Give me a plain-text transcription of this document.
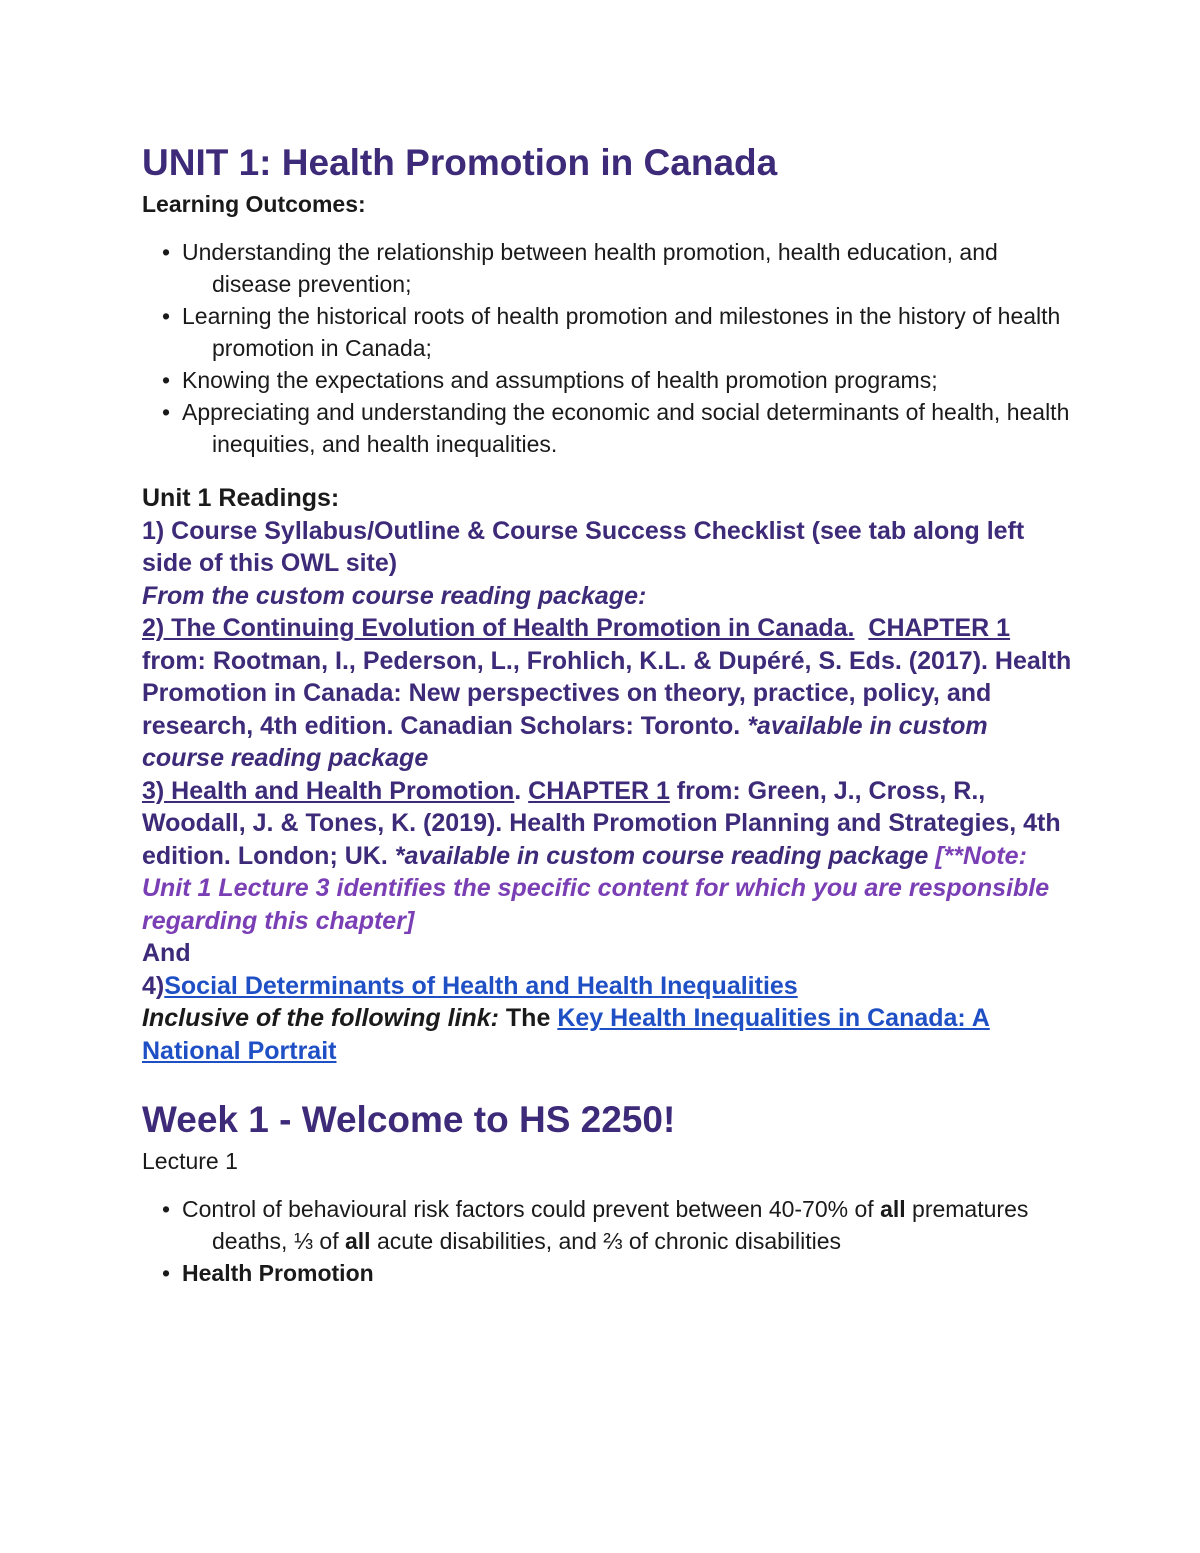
UNIT 1: Health Promotion in Canada
Learning Outcomes:
• Understanding the relationship between health promotion, health education, and disease prevention;
• Learning the historical roots of health promotion and milestones in the history of health promotion in Canada;
• Knowing the expectations and assumptions of health promotion programs;
• Appreciating and understanding the economic and social determinants of health, health inequities, and health inequalities.
Unit 1 Readings:
1) Course Syllabus/Outline & Course Success Checklist (see tab along left side of this OWL site)
From the custom course reading package:
2) The Continuing Evolution of Health Promotion in Canada. CHAPTER 1 from: Rootman, I., Pederson, L., Frohlich, K.L. & Dupéré, S. Eds. (2017). Health Promotion in Canada: New perspectives on theory, practice, policy, and research, 4th edition. Canadian Scholars: Toronto. *available in custom course reading package
3) Health and Health Promotion. CHAPTER 1 from: Green, J., Cross, R., Woodall, J. & Tones, K. (2019). Health Promotion Planning and Strategies, 4th edition. London; UK. *available in custom course reading package [**Note: Unit 1 Lecture 3 identifies the specific content for which you are responsible regarding this chapter]
And
4)Social Determinants of Health and Health Inequalities
Inclusive of the following link: The Key Health Inequalities in Canada: A National Portrait
Week 1 - Welcome to HS 2250!
Lecture 1
• Control of behavioural risk factors could prevent between 40-70% of all prematures deaths, ⅓ of all acute disabilities, and ⅔ of chronic disabilities
• Health Promotion
